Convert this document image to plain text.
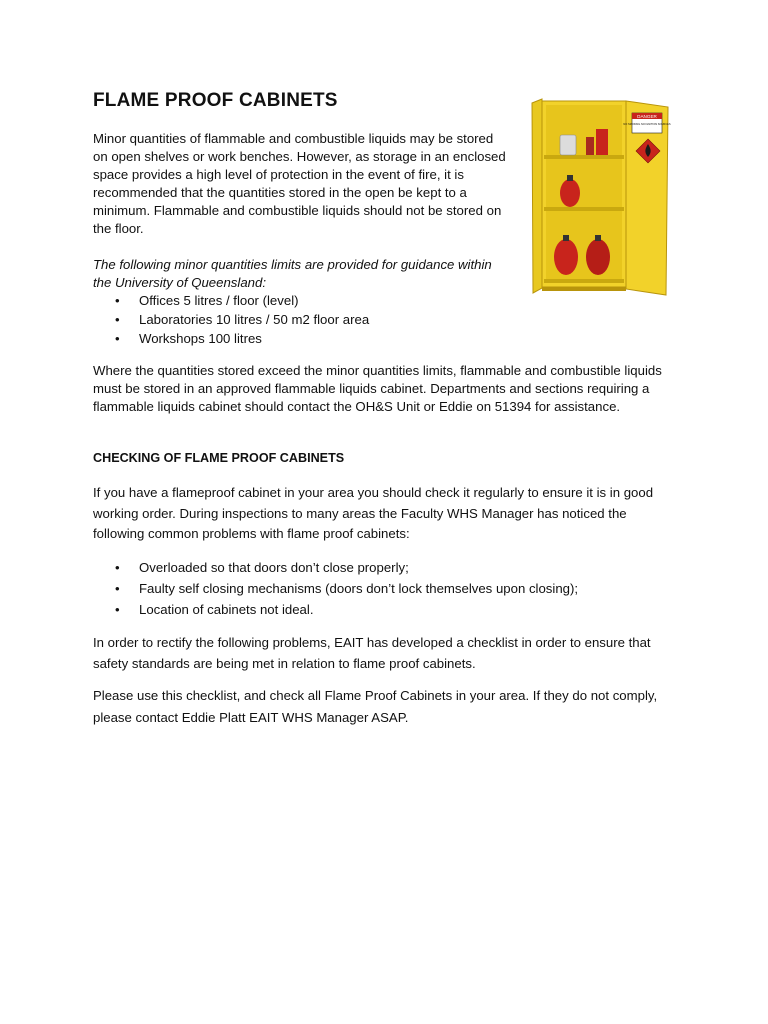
FLAME PROOF CABINETS

Minor quantities of flammable and combustible liquids may be stored on open shelves or work benches. However, as storage in an enclosed space provides a high level of protection in the event of fire, it is recommended that the quantities stored in the open be kept to a minimum. Flammable and combustible liquids should not be stored on the floor.

The following minor quantities limits are provided for guidance within the University of Queensland:

• Offices 5 litres / floor (level)
• Laboratories 10 litres / 50 m2 floor area
• Workshops 100 litres

Where the quantities stored exceed the minor quantities limits, flammable and combustible liquids must be stored in an approved flammable liquids cabinet. Departments and sections requiring a flammable liquids cabinet should contact the OH&S Unit or Eddie on 51394 for assistance.

CHECKING OF FLAME PROOF CABINETS

If you have a flameproof cabinet in your area you should check it regularly to ensure it is in good working order. During inspections to many areas the Faculty WHS Manager has noticed the following common problems with flame proof cabinets:

• Overloaded so that doors don’t close properly;
• Faulty self closing mechanisms (doors don’t lock themselves upon closing);
• Location of cabinets not ideal.

In order to rectify the following problems, EAIT has developed a checklist in order to ensure that safety standards are being met in relation to flame proof cabinets.

Please use this checklist, and check all Flame Proof Cabinets in your area. If they do not comply, please contact Eddie Platt EAIT WHS Manager ASAP.

DANGER
NO SMOKING NO IGNITION SOURCES
